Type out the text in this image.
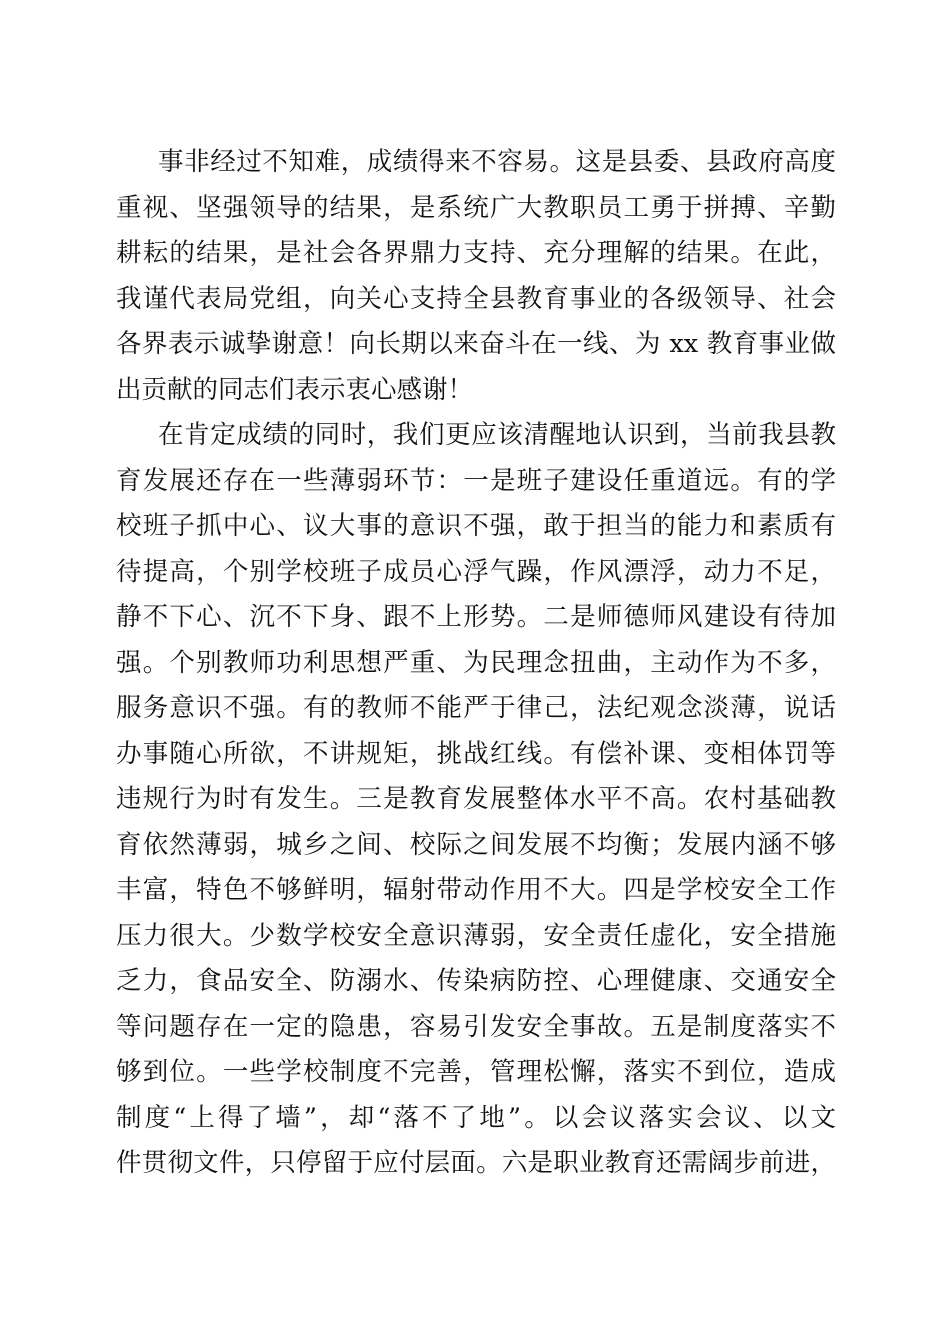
事非经过不知难，成绩得来不容易。这是县委、县政府高度
重视、坚强领导的结果，是系统广大教职员工勇于拼搏、辛勤
耕耘的结果，是社会各界鼎力支持、充分理解的结果。在此，
我谨代表局党组，向关心支持全县教育事业的各级领导、社会
各界表示诚挚谢意！向长期以来奋斗在一线、为 xx 教育事业做
出贡献的同志们表示衷心感谢！
在肯定成绩的同时，我们更应该清醒地认识到，当前我县教
育发展还存在一些薄弱环节：一是班子建设任重道远。有的学
校班子抓中心、议大事的意识不强，敢于担当的能力和素质有
待提高，个别学校班子成员心浮气躁，作风漂浮，动力不足，
静不下心、沉不下身、跟不上形势。二是师德师风建设有待加
强。个别教师功利思想严重、为民理念扭曲，主动作为不多，
服务意识不强。有的教师不能严于律己，法纪观念淡薄，说话
办事随心所欲，不讲规矩，挑战红线。有偿补课、变相体罚等
违规行为时有发生。三是教育发展整体水平不高。农村基础教
育依然薄弱，城乡之间、校际之间发展不均衡；发展内涵不够
丰富，特色不够鲜明，辐射带动作用不大。四是学校安全工作
压力很大。少数学校安全意识薄弱，安全责任虚化，安全措施
乏力，食品安全、防溺水、传染病防控、心理健康、交通安全
等问题存在一定的隐患，容易引发安全事故。五是制度落实不
够到位。一些学校制度不完善，管理松懈，落实不到位，造成
制度“上得了墙”，却“落不了地”。以会议落实会议、以文
件贯彻文件，只停留于应付层面。六是职业教育还需阔步前进，
